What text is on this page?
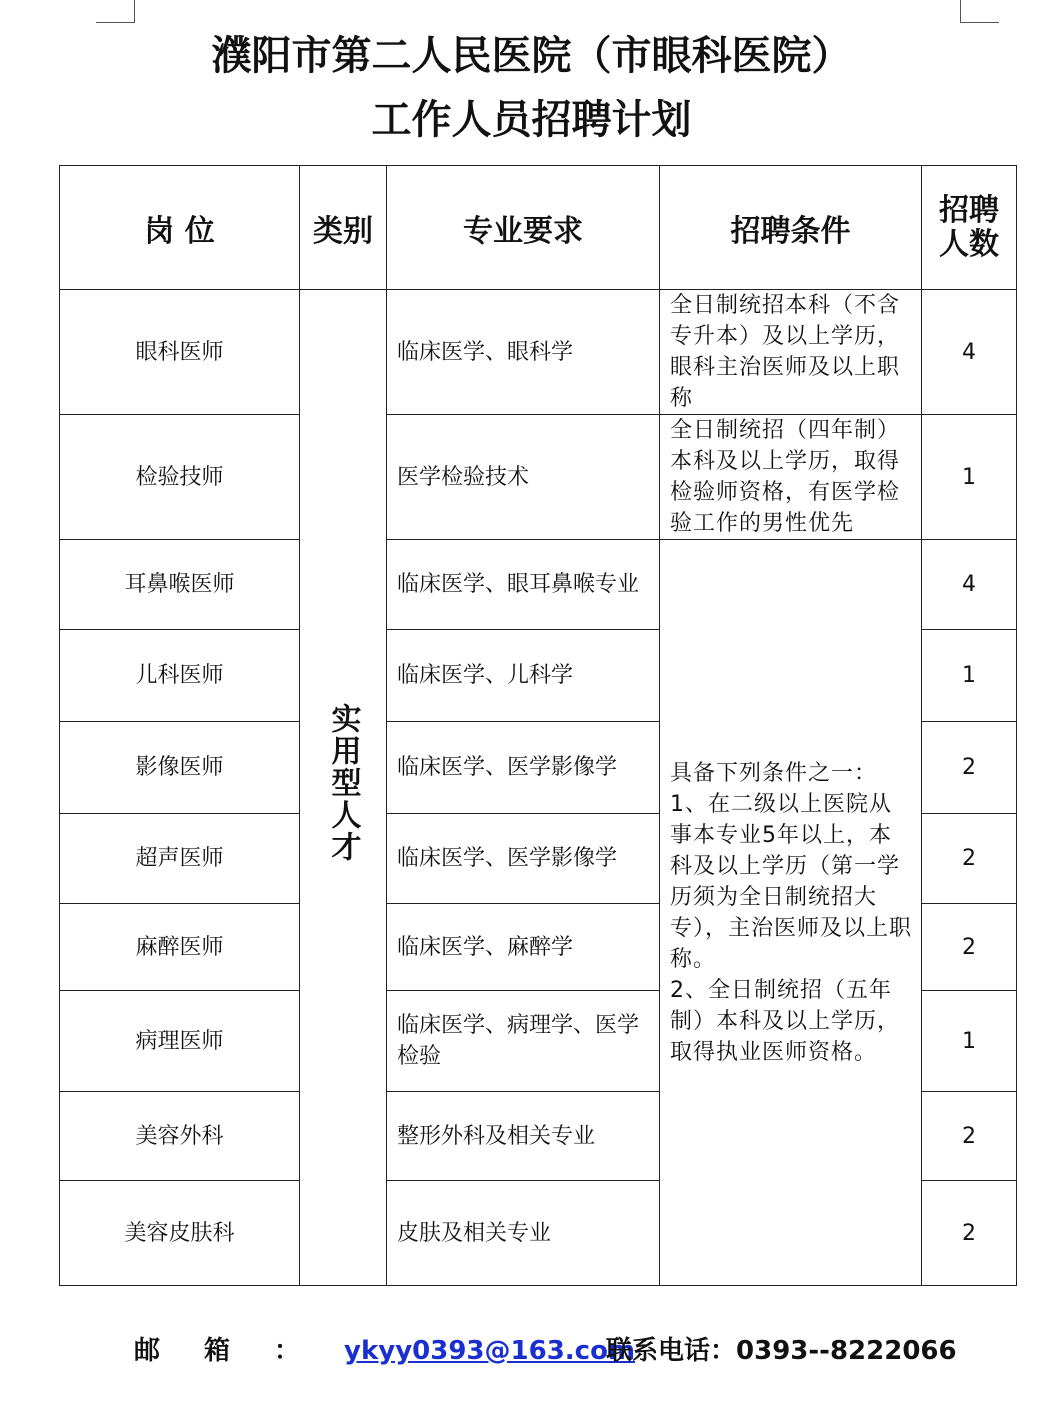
濮阳市第二人民医院（市眼科医院）
工作人员招聘计划
岗 位	类别	专业要求	招聘条件	招聘
人数

眼科医师	实用型人才	临床医学、眼科学	全日制统招本科（不含专升本）及以上学历，眼科主治医师及以上职称	4
检验技师		医学检验技术	全日制统招（四年制）本科及以上学历，取得检验师资格，有医学检验工作的男性优先	1
耳鼻喉医师		临床医学、眼耳鼻喉专业	具备下列条件之一：
1、在二级以上医院从事本专业5年以上，本科及以上学历（第一学历须为全日制统招大专），主治医师及以上职称。
2、全日制统招（五年制）本科及以上学历，取得执业医师资格。	4
儿科医师		临床医学、儿科学		1
影像医师		临床医学、医学影像学		2
超声医师		临床医学、医学影像学		2
麻醉医师		临床医学、麻醉学		2
病理医师		临床医学、病理学、医学检验		1
美容外科		整形外科及相关专业		2
美容皮肤科		皮肤及相关专业		2
邮箱：ykyy0393@163.com
联系电话：0393--8222066
